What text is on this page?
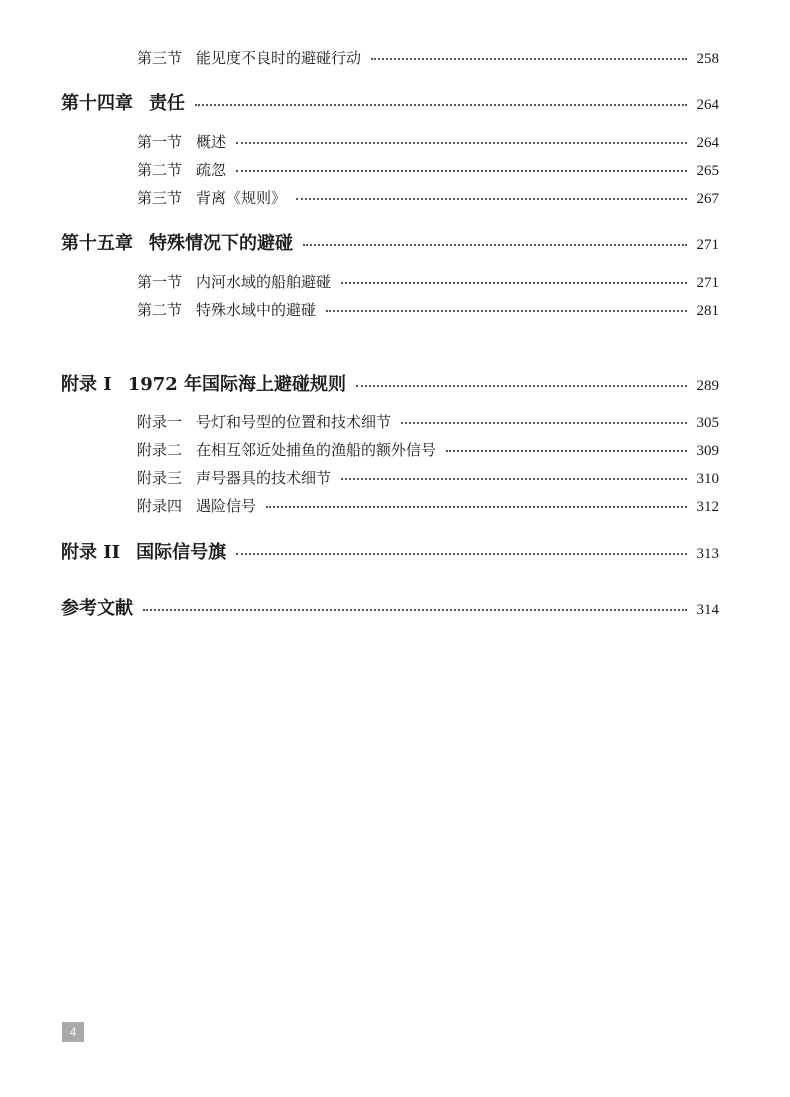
第三节 能见度不良时的避碰行动	258
第十四章 责任	264
第一节 概述	264
第二节 疏忽	265
第三节 背离《规则》	267
第十五章 特殊情况下的避碰	271
第一节 内河水域的船舶避碰	271
第二节 特殊水域中的避碰	281
附录 I 1972 年国际海上避碰规则	289
附录一 号灯和号型的位置和技术细节	305
附录二 在相互邻近处捕鱼的渔船的额外信号	309
附录三 声号器具的技术细节	310
附录四 遇险信号	312
附录 II 国际信号旗	313
参考文献	314
4
